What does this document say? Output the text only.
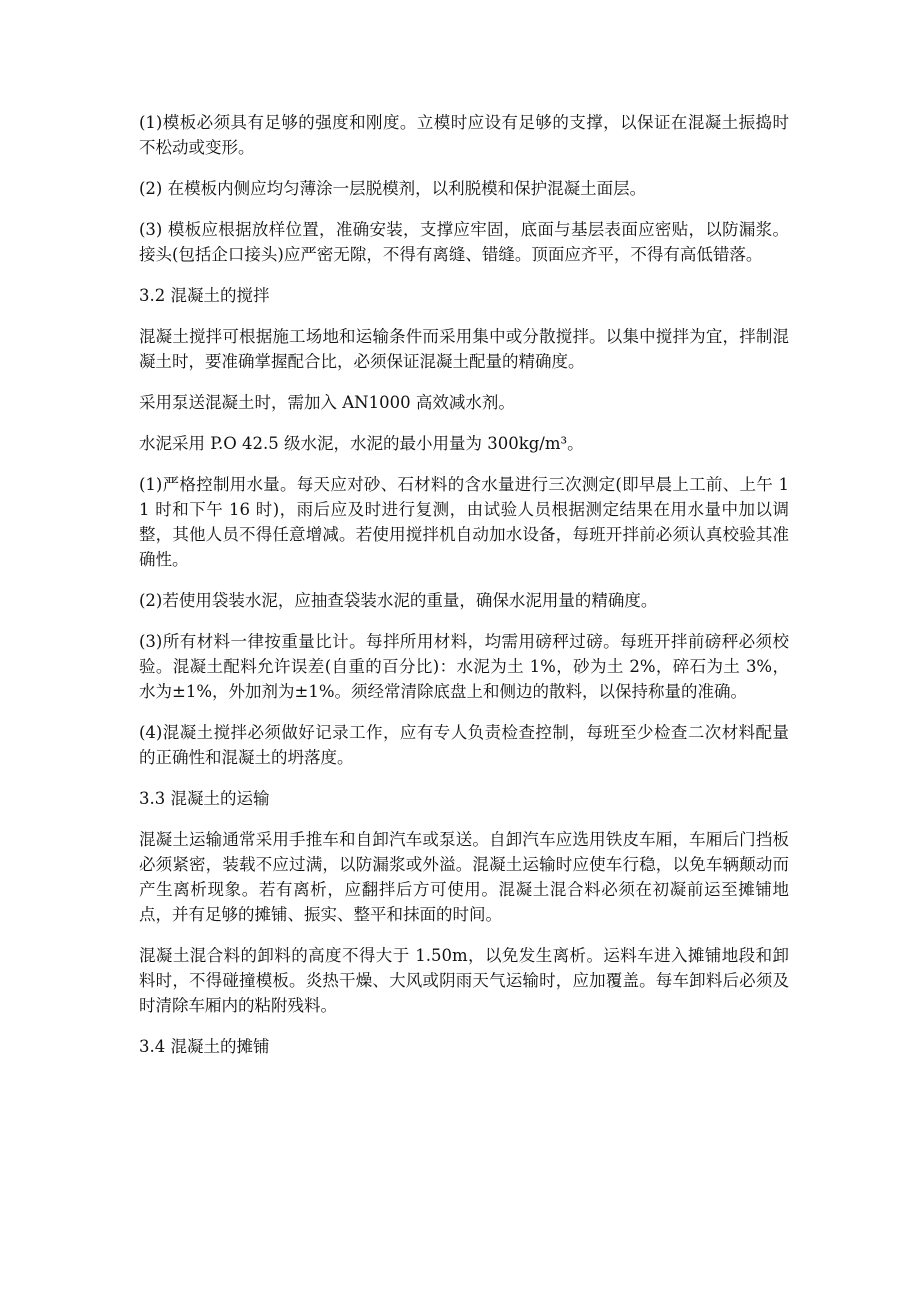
(1)模板必须具有足够的强度和刚度。立模时应设有足够的支撑，以保证在混凝土振捣时不松动或变形。

(2) 在模板内侧应均匀薄涂一层脱模剂，以利脱模和保护混凝土面层。

(3) 模板应根据放样位置，准确安装，支撑应牢固，底面与基层表面应密贴，以防漏浆。接头(包括企口接头)应严密无隙，不得有离缝、错缝。顶面应齐平，不得有高低错落。

3.2 混凝土的搅拌

混凝土搅拌可根据施工场地和运输条件而采用集中或分散搅拌。以集中搅拌为宜，拌制混凝土时，要准确掌握配合比，必须保证混凝土配量的精确度。

采用泵送混凝土时，需加入 AN1000 高效减水剂。

水泥采用 P.O 42.5 级水泥，水泥的最小用量为 300kg/m³。

(1)严格控制用水量。每天应对砂、石材料的含水量进行三次测定(即早晨上工前、上午 11 时和下午 16 时)，雨后应及时进行复测，由试验人员根据测定结果在用水量中加以调整，其他人员不得任意增减。若使用搅拌机自动加水设备，每班开拌前必须认真校验其准确性。

(2)若使用袋装水泥，应抽查袋装水泥的重量，确保水泥用量的精确度。

(3)所有材料一律按重量比计。每拌所用材料，均需用磅秤过磅。每班开拌前磅秤必须校验。混凝土配料允许误差(自重的百分比)：水泥为土 1%，砂为土 2%，碎石为土 3%，水为±1%，外加剂为±1%。须经常清除底盘上和侧边的散料，以保持称量的准确。

(4)混凝土搅拌必须做好记录工作，应有专人负责检查控制，每班至少检查二次材料配量的正确性和混凝土的坍落度。

3.3 混凝土的运输

混凝土运输通常采用手推车和自卸汽车或泵送。自卸汽车应选用铁皮车厢，车厢后门挡板必须紧密，装载不应过满，以防漏浆或外溢。混凝土运输时应使车行稳，以免车辆颠动而产生离析现象。若有离析，应翻拌后方可使用。混凝土混合料必须在初凝前运至摊铺地点，并有足够的摊铺、振实、整平和抹面的时间。

混凝土混合料的卸料的高度不得大于 1.50m，以免发生离析。运料车进入摊铺地段和卸料时，不得碰撞模板。炎热干燥、大风或阴雨天气运输时，应加覆盖。每车卸料后必须及时清除车厢内的粘附残料。

3.4 混凝土的摊铺
